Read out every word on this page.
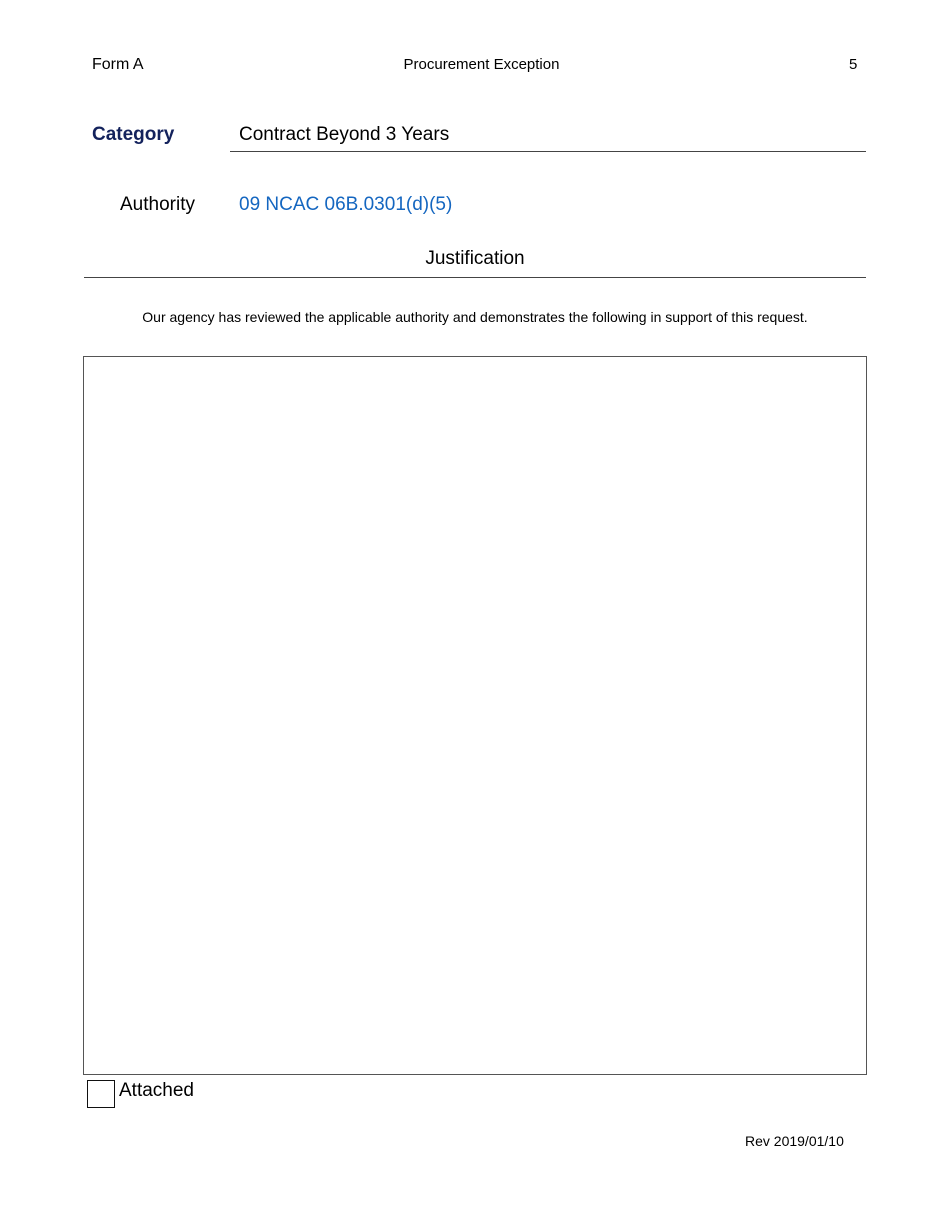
Form A	Procurement Exception	5
Category	Contract Beyond 3 Years
Authority 09 NCAC 06B.0301(d)(5)
Justification
Our agency has reviewed the applicable authority and demonstrates the following in support of this request.
Attached
Rev 2019/01/10
